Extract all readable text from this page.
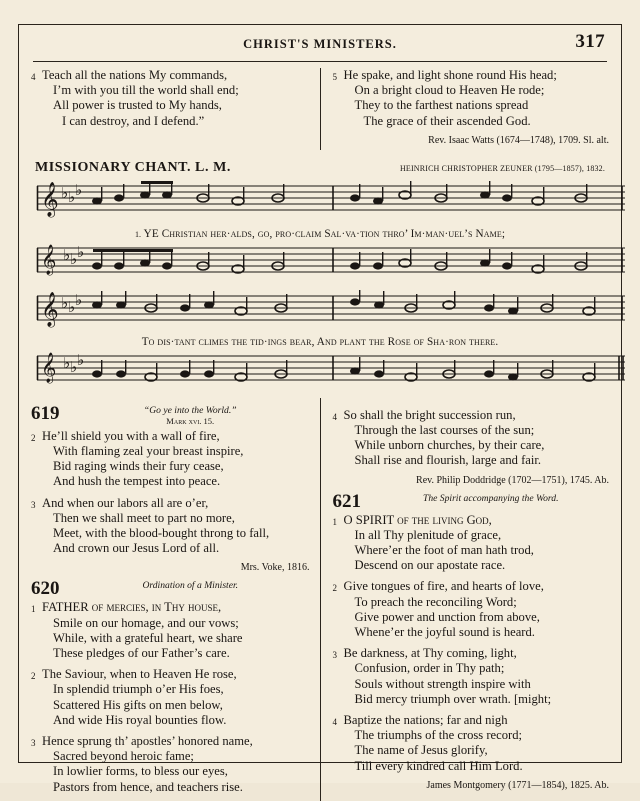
CHRIST'S MINISTERS.	317
4 Teach all the nations My commands,
I’m with you till the world shall end;
All power is trusted to My hands,
I can destroy, and I defend.”
5 He spake, and light shone round His head;
On a bright cloud to Heaven He rode;
They to the farthest nations spread
The grace of their ascended God.
Rev. Isaac Watts (1674—1748), 1709. Sl. alt.
MISSIONARY CHANT. L. M.	HEINRICH CHRISTOPHER ZEUNER (1795—1857), 1832.
𝄞 ♭ ♭ ♭
1. YE Christian her·alds, go, pro·claim Sal·va·tion thro’ Im·man·uel’s Name;
𝄞 ♭ ♭ ♭
𝄞 ♭ ♭ ♭
To dis·tant climes the tid·ings bear, And plant the Rose of Sha·ron there.
𝄞 ♭ ♭ ♭
619	“Go ye into the World.”
Mark xvi. 15.
2 He’ll shield you with a wall of fire,
With flaming zeal your breast inspire,
Bid raging winds their fury cease,
And hush the tempest into peace.
3 And when our labors all are o’er,
Then we shall meet to part no more,
Meet, with the blood-bought throng to fall,
And crown our Jesus Lord of all.
Mrs. Voke, 1816.
620	Ordination of a Minister.
1 FATHER of mercies, in Thy house,
Smile on our homage, and our vows;
While, with a grateful heart, we share
These pledges of our Father’s care.
2 The Saviour, when to Heaven He rose,
In splendid triumph o’er His foes,
Scattered His gifts on men below,
And wide His royal bounties flow.
3 Hence sprung th’ apostles’ honored name,
Sacred beyond heroic fame;
In lowlier forms, to bless our eyes,
Pastors from hence, and teachers rise.
4 So shall the bright succession run,
Through the last courses of the sun;
While unborn churches, by their care,
Shall rise and flourish, large and fair.
Rev. Philip Doddridge (1702—1751), 1745. Ab.
621	The Spirit accompanying the Word.
1 O SPIRIT of the living God,
In all Thy plenitude of grace,
Where’er the foot of man hath trod,
Descend on our apostate race.
2 Give tongues of fire, and hearts of love,
To preach the reconciling Word;
Give power and unction from above,
Whene’er the joyful sound is heard.
3 Be darkness, at Thy coming, light,
Confusion, order in Thy path;
Souls without strength inspire with
Bid mercy triumph over wrath. [might;
4 Baptize the nations; far and nigh
The triumphs of the cross record;
The name of Jesus glorify,
Till every kindred call Him Lord.
James Montgomery (1771—1854), 1825. Ab.
